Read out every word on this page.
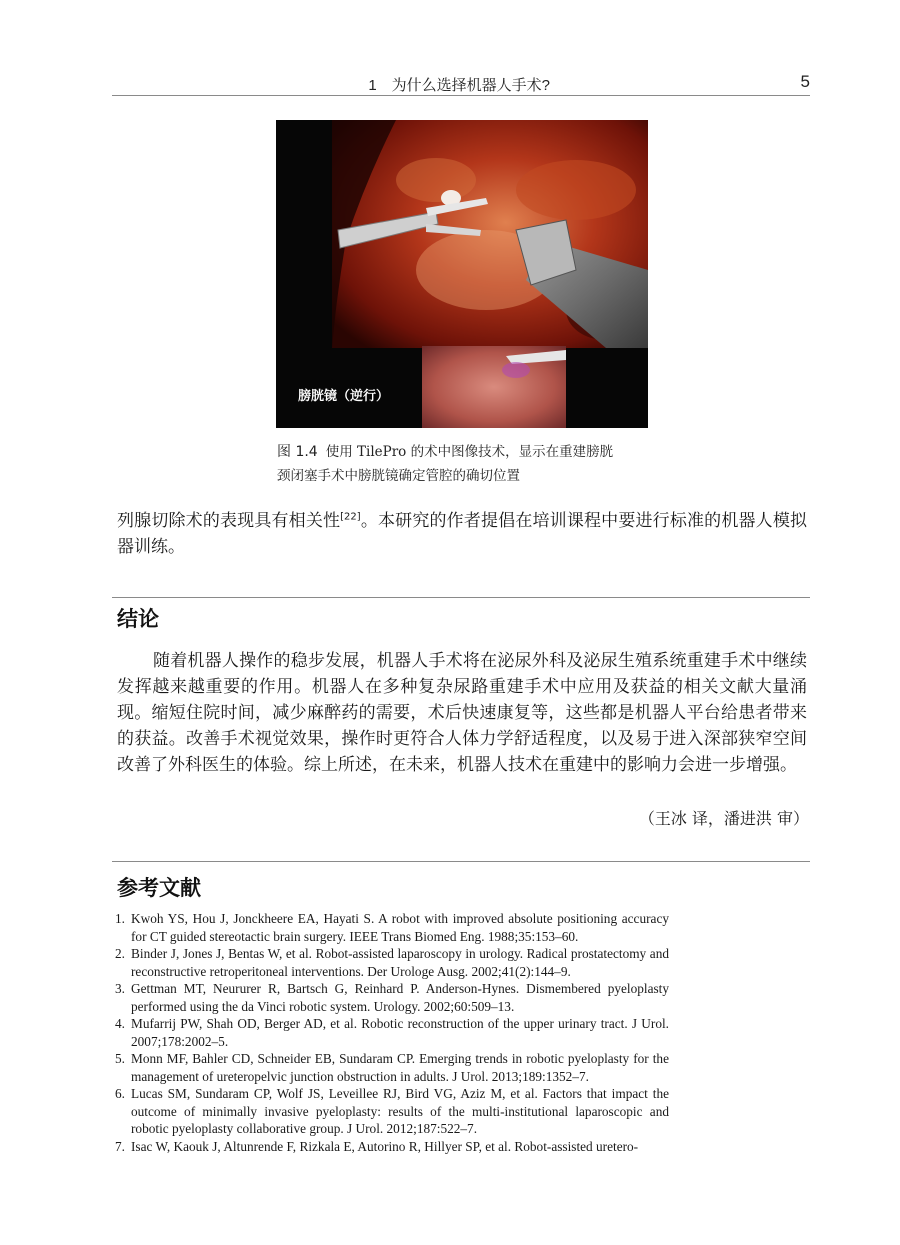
1　为什么选择机器人手术?	5
膀胱镜（逆行）
图 1.4 使用 TilePro 的术中图像技术，显示在重建膀胱
颈闭塞手术中膀胱镜确定管腔的确切位置
列腺切除术的表现具有相关性[22]。本研究的作者提倡在培训课程中要进行标准的机器人模拟器训练。
结论
随着机器人操作的稳步发展，机器人手术将在泌尿外科及泌尿生殖系统重建手术中继续发挥越来越重要的作用。机器人在多种复杂尿路重建手术中应用及获益的相关文献大量涌现。缩短住院时间，减少麻醉药的需要，术后快速康复等，这些都是机器人平台给患者带来的获益。改善手术视觉效果，操作时更符合人体力学舒适程度，以及易于进入深部狭窄空间改善了外科医生的体验。综上所述，在未来，机器人技术在重建中的影响力会进一步增强。
（王冰 译，潘进洪 审）
参考文献
1. Kwoh YS, Hou J, Jonckheere EA, Hayati S. A robot with improved absolute positioning accuracy for CT guided stereotactic brain surgery. IEEE Trans Biomed Eng. 1988;35:153–60.
2. Binder J, Jones J, Bentas W, et al. Robot-assisted laparoscopy in urology. Radical prostatectomy and reconstructive retroperitoneal interventions. Der Urologe Ausg. 2002;41(2):144–9.
3. Gettman MT, Neururer R, Bartsch G, Reinhard P. Anderson-Hynes. Dismembered pyeloplasty performed using the da Vinci robotic system. Urology. 2002;60:509–13.
4. Mufarrij PW, Shah OD, Berger AD, et al. Robotic reconstruction of the upper urinary tract. J Urol. 2007;178:2002–5.
5. Monn MF, Bahler CD, Schneider EB, Sundaram CP. Emerging trends in robotic pyeloplasty for the management of ureteropelvic junction obstruction in adults. J Urol. 2013;189:1352–7.
6. Lucas SM, Sundaram CP, Wolf JS, Leveillee RJ, Bird VG, Aziz M, et al. Factors that impact the outcome of minimally invasive pyeloplasty: results of the multi-institutional laparoscopic and robotic pyeloplasty collaborative group. J Urol. 2012;187:522–7.
7. Isac W, Kaouk J, Altunrende F, Rizkala E, Autorino R, Hillyer SP, et al. Robot-assisted uretero-
